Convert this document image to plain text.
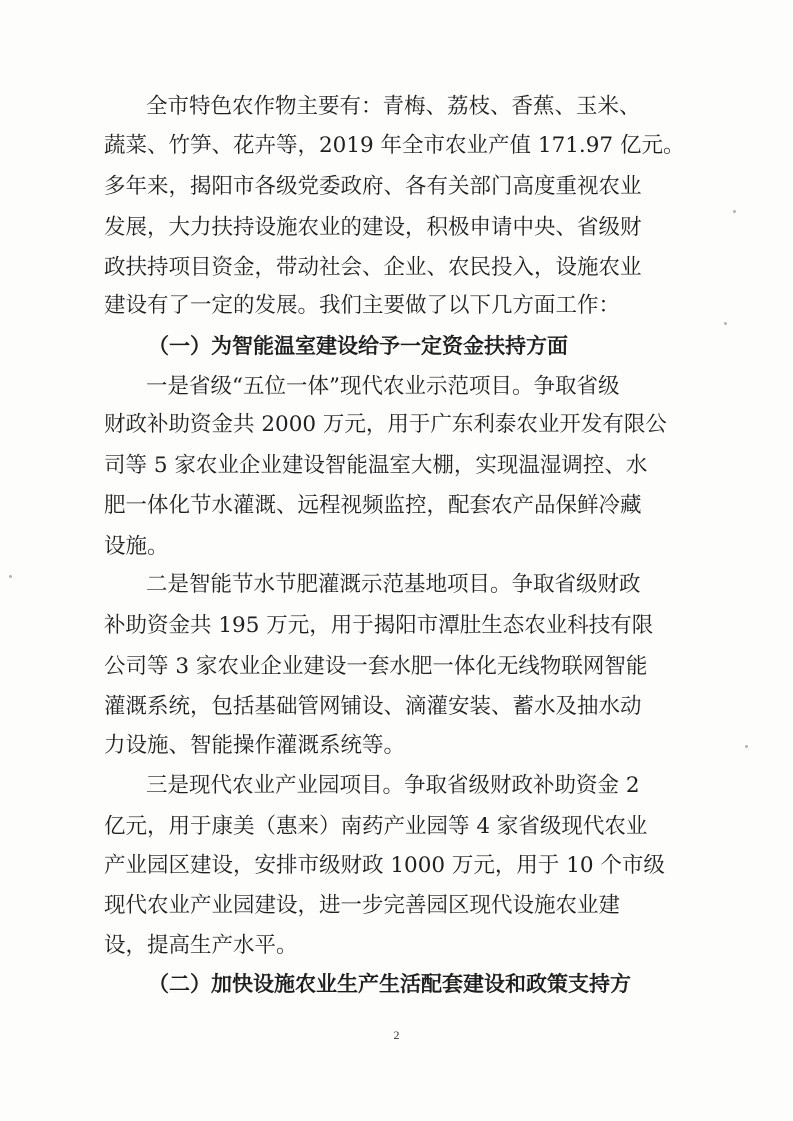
全市特色农作物主要有：青梅、荔枝、香蕉、玉米、
蔬菜、竹笋、花卉等，2019 年全市农业产值 171.97 亿元。
多年来，揭阳市各级党委政府、各有关部门高度重视农业
发展，大力扶持设施农业的建设，积极申请中央、省级财
政扶持项目资金，带动社会、企业、农民投入，设施农业
建设有了一定的发展。我们主要做了以下几方面工作：
（一）为智能温室建设给予一定资金扶持方面
一是省级“五位一体”现代农业示范项目。争取省级
财政补助资金共 2000 万元，用于广东利泰农业开发有限公
司等 5 家农业企业建设智能温室大棚，实现温湿调控、水
肥一体化节水灌溉、远程视频监控，配套农产品保鲜冷藏
设施。
二是智能节水节肥灌溉示范基地项目。争取省级财政
补助资金共 195 万元，用于揭阳市潭肚生态农业科技有限
公司等 3 家农业企业建设一套水肥一体化无线物联网智能
灌溉系统，包括基础管网铺设、滴灌安装、蓄水及抽水动
力设施、智能操作灌溉系统等。
三是现代农业产业园项目。争取省级财政补助资金 2
亿元，用于康美（惠来）南药产业园等 4 家省级现代农业
产业园区建设，安排市级财政 1000 万元，用于 10 个市级
现代农业产业园建设，进一步完善园区现代设施农业建
设，提高生产水平。
（二）加快设施农业生产生活配套建设和政策支持方
2
